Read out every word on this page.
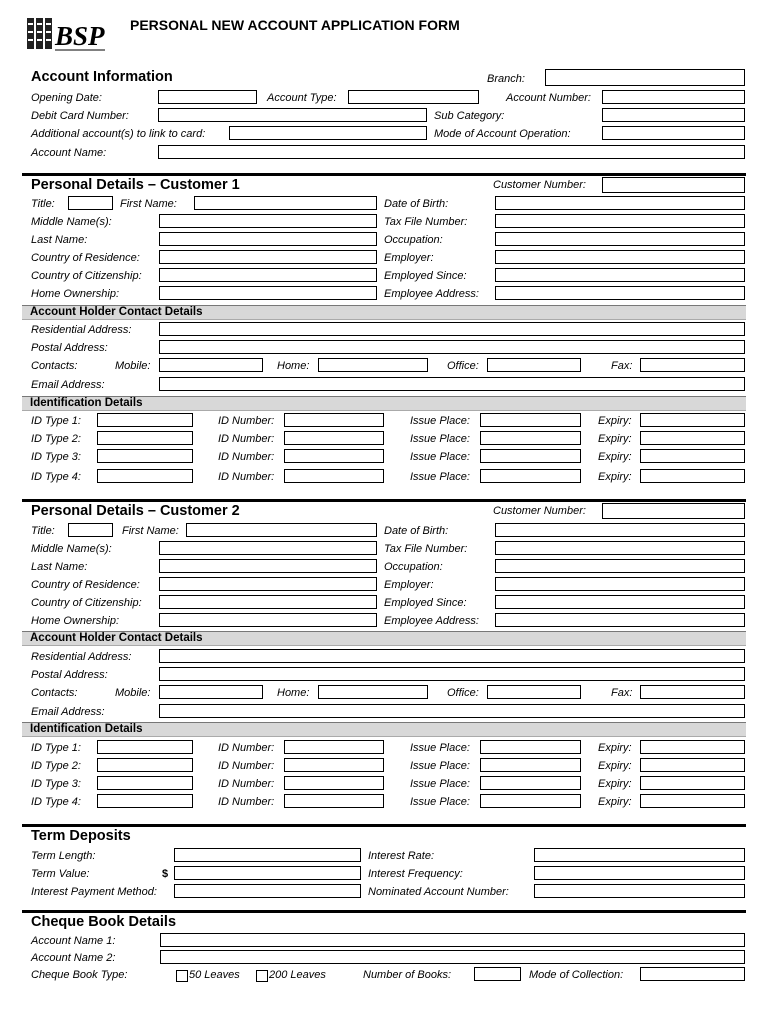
BSP PERSONAL NEW ACCOUNT APPLICATION FORM
Account Information	Branch:
Opening Date:	Account Type:	Account Number:
Debit Card Number:	Sub Category:
Additional account(s) to link to card:	Mode of Account Operation:
Account Name:
Personal Details – Customer 1	Customer Number:
Title:	First Name:	Date of Birth:
Middle Name(s):	Tax File Number:
Last Name:	Occupation:
Country of Residence:	Employer:
Country of Citizenship:	Employed Since:
Home Ownership:	Employee Address:
Account Holder Contact Details
Residential Address:
Postal Address:
Contacts:	Mobile:	Home:	Office:	Fax:
Email Address:
Identification Details
ID Type 1:	ID Number:	Issue Place:	Expiry:
ID Type 2:	ID Number:	Issue Place:	Expiry:
ID Type 3:	ID Number:	Issue Place:	Expiry:
ID Type 4:	ID Number:	Issue Place:	Expiry:
Personal Details – Customer 2	Customer Number:
Title:	First Name:	Date of Birth:
Middle Name(s):	Tax File Number:
Last Name:	Occupation:
Country of Residence:	Employer:
Country of Citizenship:	Employed Since:
Home Ownership:	Employee Address:
Account Holder Contact Details
Residential Address:
Postal Address:
Contacts:	Mobile:	Home:	Office:	Fax:
Email Address:
Identification Details
ID Type 1:	ID Number:	Issue Place:	Expiry:
ID Type 2:	ID Number:	Issue Place:	Expiry:
ID Type 3:	ID Number:	Issue Place:	Expiry:
ID Type 4:	ID Number:	Issue Place:	Expiry:
Term Deposits
Term Length:	Interest Rate:
Term Value:	$	Interest Frequency:
Interest Payment Method:	Nominated Account Number:
Cheque Book Details
Account Name 1:
Account Name 2:
Cheque Book Type:	50 Leaves	200 Leaves	Number of Books:	Mode of Collection:
